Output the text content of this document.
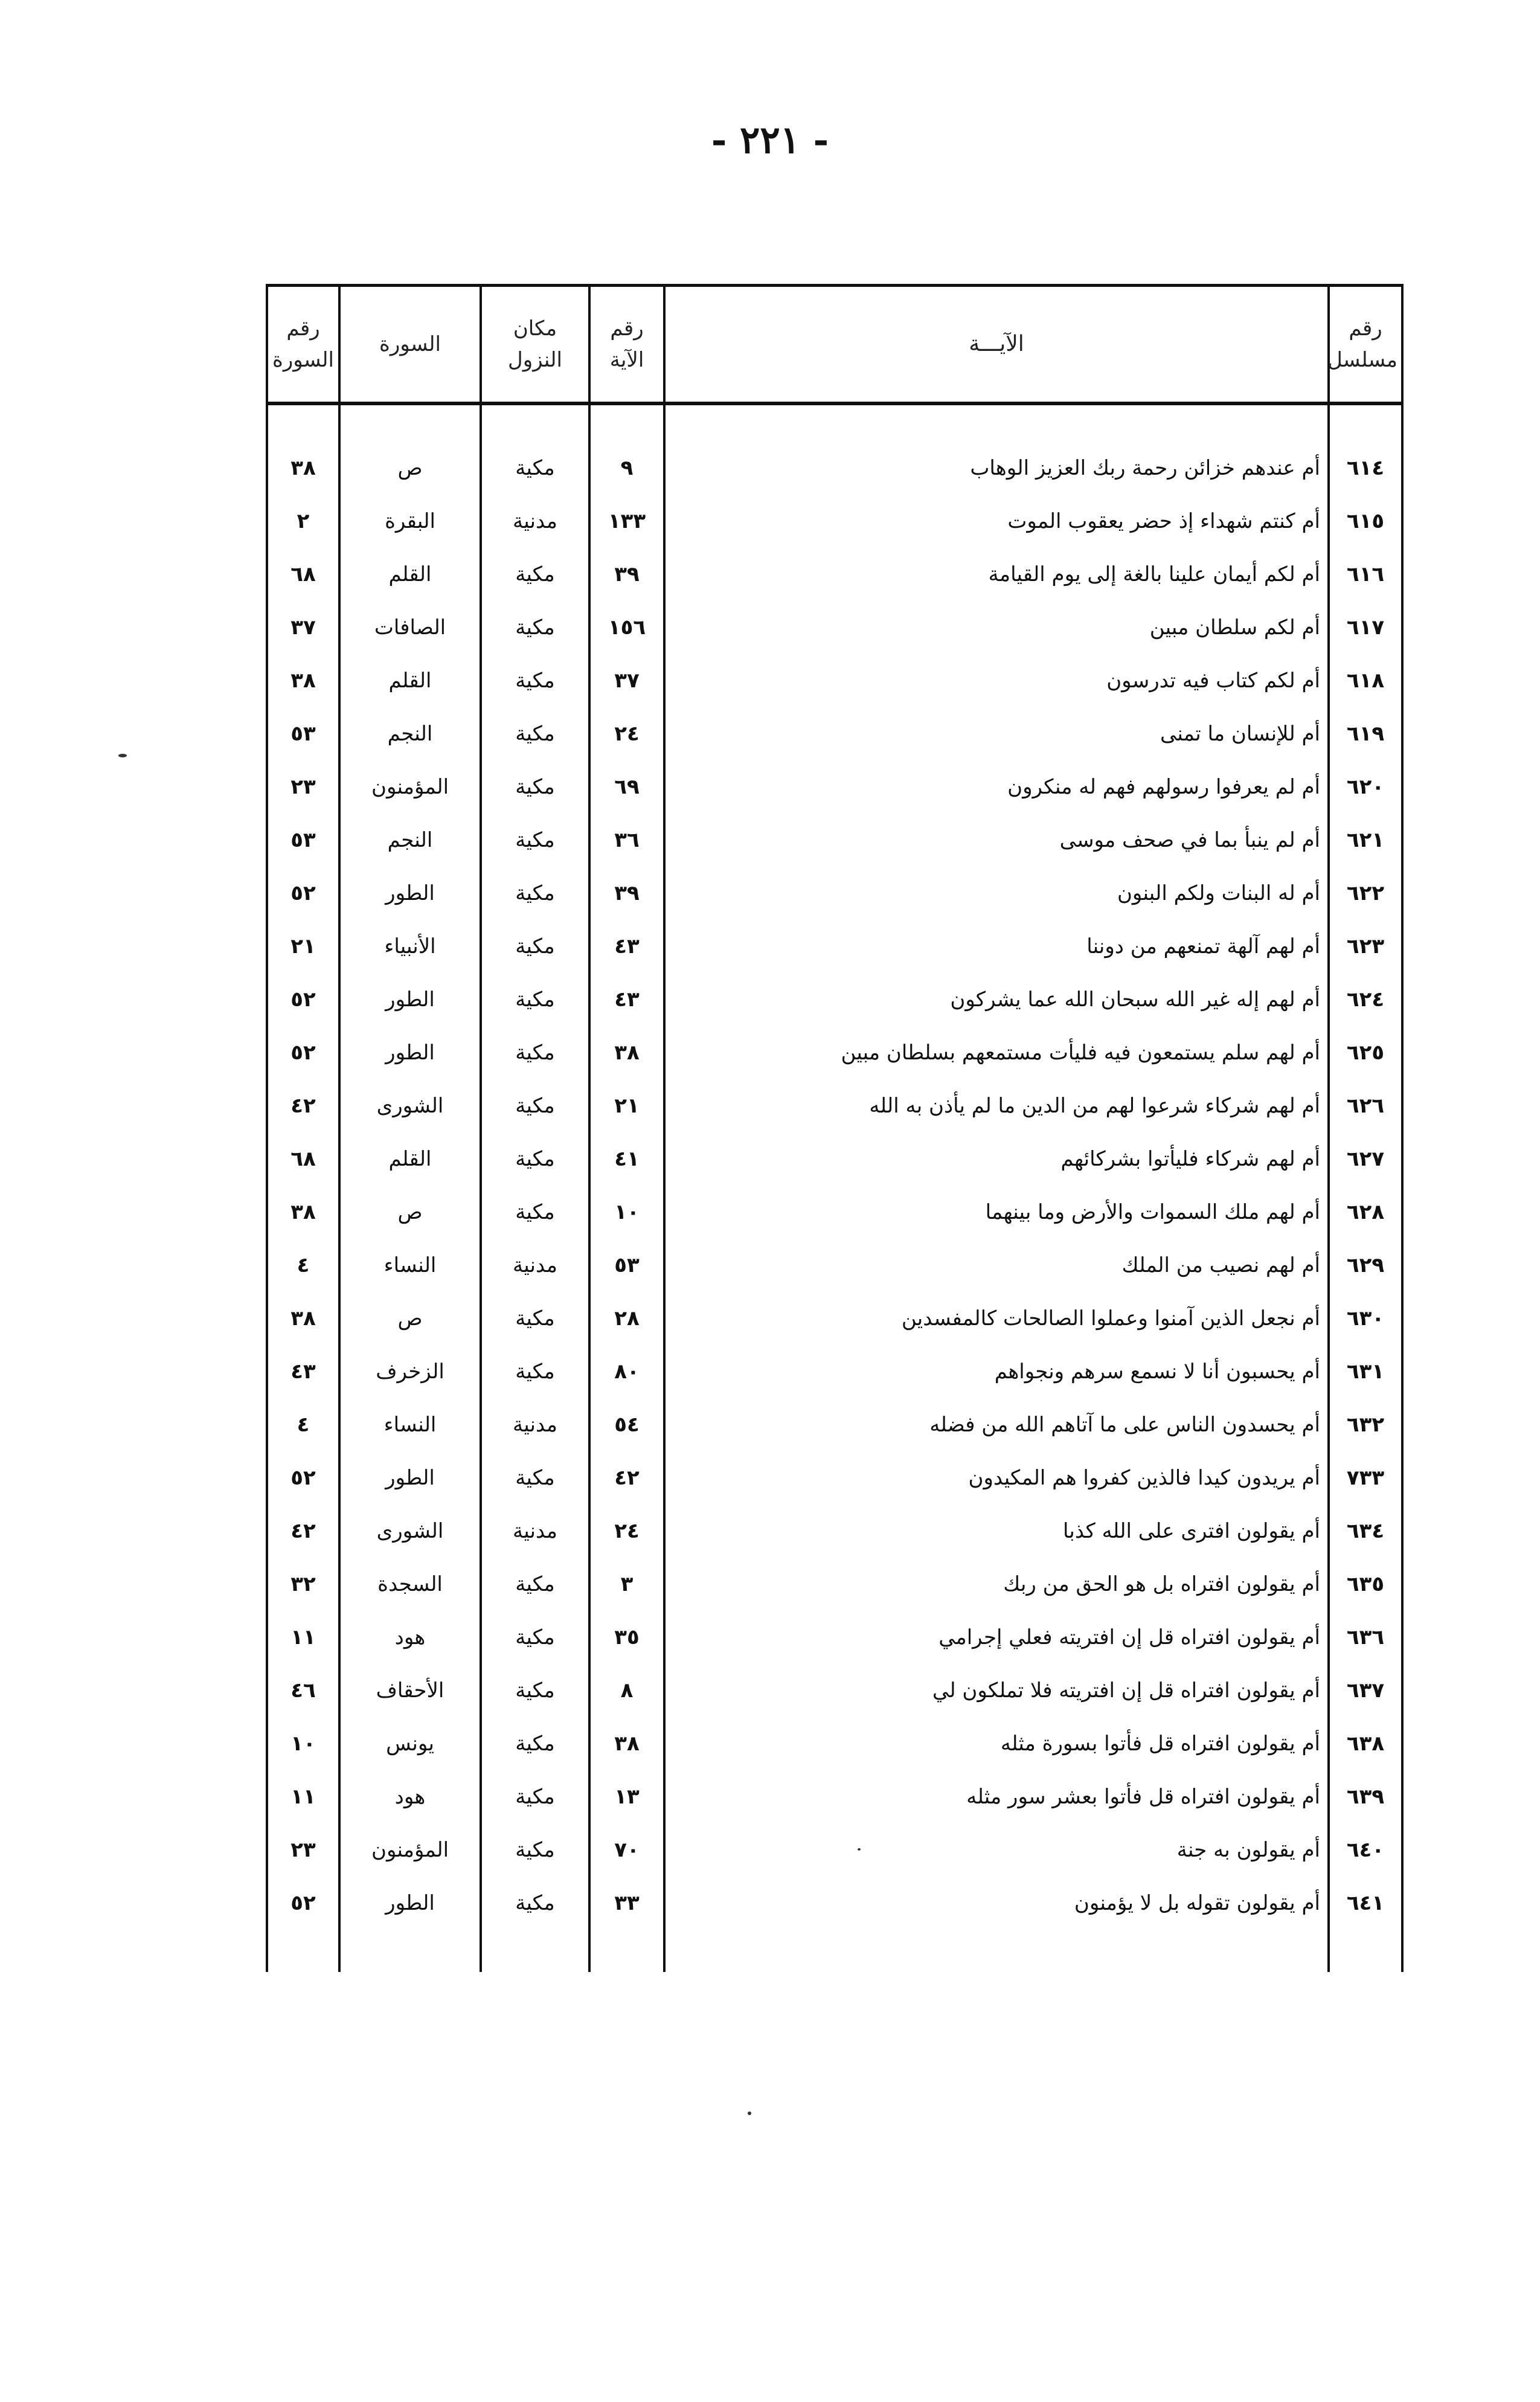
- ٢٢١ -
رقم مسلسل	الآيـــة	رقم الآية	مكان النزول	السورة	رقم السورة

٦١٤	أم عندهم خزائن رحمة ربك العزيز الوهاب	٩	مكية	ص	٣٨
٦١٥	أم كنتم شهداء إذ حضر يعقوب الموت	١٣٣	مدنية	البقرة	٢
٦١٦	أم لكم أيمان علينا بالغة إلى يوم القيامة	٣٩	مكية	القلم	٦٨
٦١٧	أم لكم سلطان مبين	١٥٦	مكية	الصافات	٣٧
٦١٨	أم لكم كتاب فيه تدرسون	٣٧	مكية	القلم	٣٨
٦١٩	أم للإنسان ما تمنى	٢٤	مكية	النجم	٥٣
٦٢٠	أم لم يعرفوا رسولهم فهم له منكرون	٦٩	مكية	المؤمنون	٢٣
٦٢١	أم لم ينبأ بما في صحف موسى	٣٦	مكية	النجم	٥٣
٦٢٢	أم له البنات ولكم البنون	٣٩	مكية	الطور	٥٢
٦٢٣	أم لهم آلهة تمنعهم من دوننا	٤٣	مكية	الأنبياء	٢١
٦٢٤	أم لهم إله غير الله سبحان الله عما يشركون	٤٣	مكية	الطور	٥٢
٦٢٥	أم لهم سلم يستمعون فيه فليأت مستمعهم بسلطان مبين	٣٨	مكية	الطور	٥٢
٦٢٦	أم لهم شركاء شرعوا لهم من الدين ما لم يأذن به الله	٢١	مكية	الشورى	٤٢
٦٢٧	أم لهم شركاء فليأتوا بشركائهم	٤١	مكية	القلم	٦٨
٦٢٨	أم لهم ملك السموات والأرض وما بينهما	١٠	مكية	ص	٣٨
٦٢٩	أم لهم نصيب من الملك	٥٣	مدنية	النساء	٤
٦٣٠	أم نجعل الذين آمنوا وعملوا الصالحات كالمفسدين	٢٨	مكية	ص	٣٨
٦٣١	أم يحسبون أنا لا نسمع سرهم ونجواهم	٨٠	مكية	الزخرف	٤٣
٦٣٢	أم يحسدون الناس على ما آتاهم الله من فضله	٥٤	مدنية	النساء	٤
٧٣٣	أم يريدون كيدا فالذين كفروا هم المكيدون	٤٢	مكية	الطور	٥٢
٦٣٤	أم يقولون افترى على الله كذبا	٢٤	مدنية	الشورى	٤٢
٦٣٥	أم يقولون افتراه بل هو الحق من ربك	٣	مكية	السجدة	٣٢
٦٣٦	أم يقولون افتراه قل إن افتريته فعلي إجرامي	٣٥	مكية	هود	١١
٦٣٧	أم يقولون افتراه قل إن افتريته فلا تملكون لي	٨	مكية	الأحقاف	٤٦
٦٣٨	أم يقولون افتراه قل فأتوا بسورة مثله	٣٨	مكية	يونس	١٠
٦٣٩	أم يقولون افتراه قل فأتوا بعشر سور مثله	١٣	مكية	هود	١١
٦٤٠	أم يقولون به جنة	٧٠	مكية	المؤمنون	٢٣
٦٤١	أم يقولون تقوله بل لا يؤمنون	٣٣	مكية	الطور	٥٢
